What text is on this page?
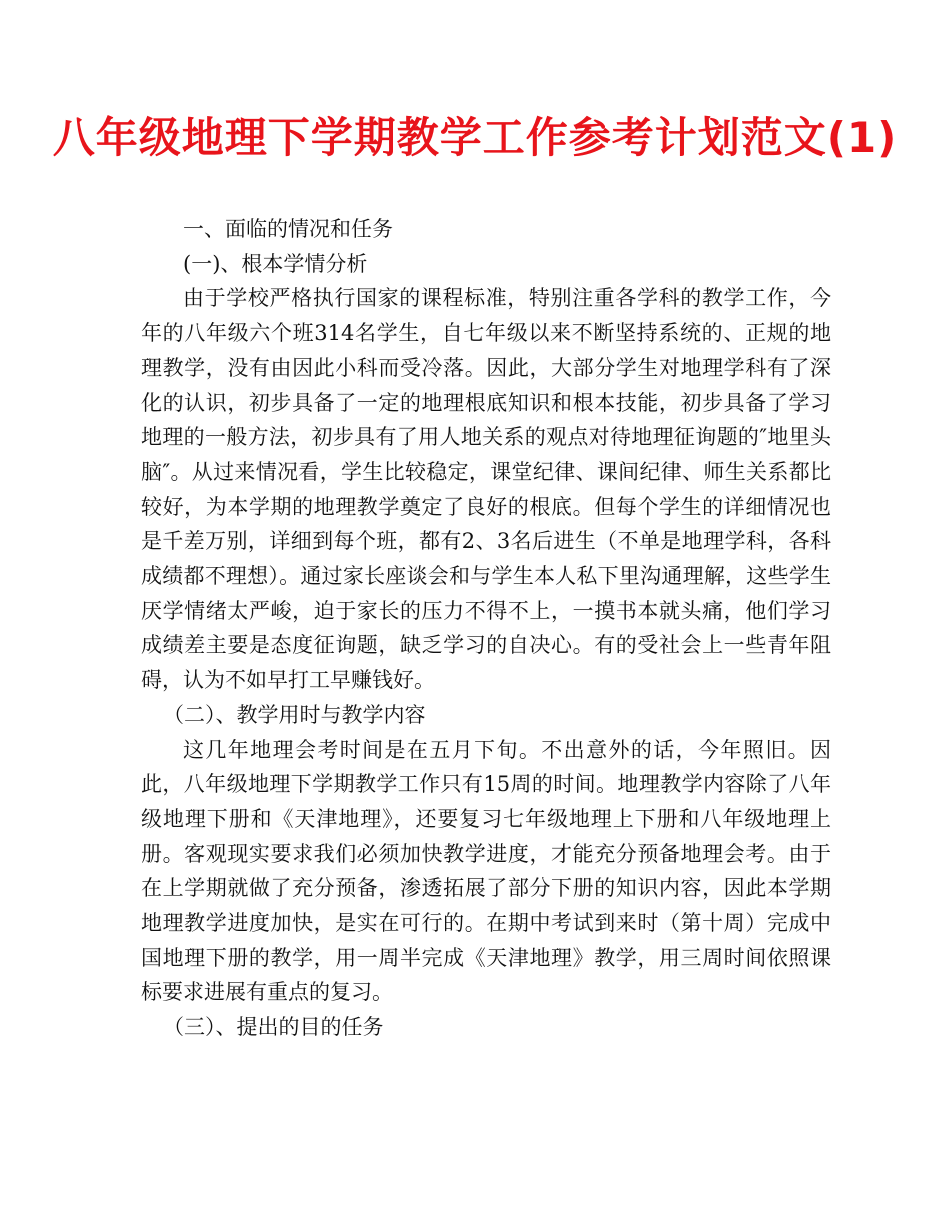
八年级地理下学期教学工作参考计划范文(1)

一、面临的情况和任务

(一)、根本学情分析

由于学校严格执行国家的课程标准，特别注重各学科的教学工作，今年的八年级六个班314名学生，自七年级以来不断坚持系统的、正规的地理教学，没有由因此小科而受冷落。因此，大部分学生对地理学科有了深化的认识，初步具备了一定的地理根底知识和根本技能，初步具备了学习地理的一般方法，初步具有了用人地关系的观点对待地理征询题的″地里头脑″。从过来情况看，学生比较稳定，课堂纪律、课间纪律、师生关系都比较好，为本学期的地理教学奠定了良好的根底。但每个学生的详细情况也是千差万别，详细到每个班，都有2、3名后进生（不单是地理学科，各科成绩都不理想）。通过家长座谈会和与学生本人私下里沟通理解，这些学生厌学情绪太严峻，迫于家长的压力不得不上，一摸书本就头痛，他们学习成绩差主要是态度征询题，缺乏学习的自决心。有的受社会上一些青年阻碍，认为不如早打工早赚钱好。

（二）、教学用时与教学内容

这几年地理会考时间是在五月下旬。不出意外的话，今年照旧。因此，八年级地理下学期教学工作只有15周的时间。地理教学内容除了八年级地理下册和《天津地理》，还要复习七年级地理上下册和八年级地理上册。客观现实要求我们必须加快教学进度，才能充分预备地理会考。由于在上学期就做了充分预备，渗透拓展了部分下册的知识内容，因此本学期地理教学进度加快，是实在可行的。在期中考试到来时（第十周）完成中国地理下册的教学，用一周半完成《天津地理》教学，用三周时间依照课标要求进展有重点的复习。

（三）、提出的目的任务
